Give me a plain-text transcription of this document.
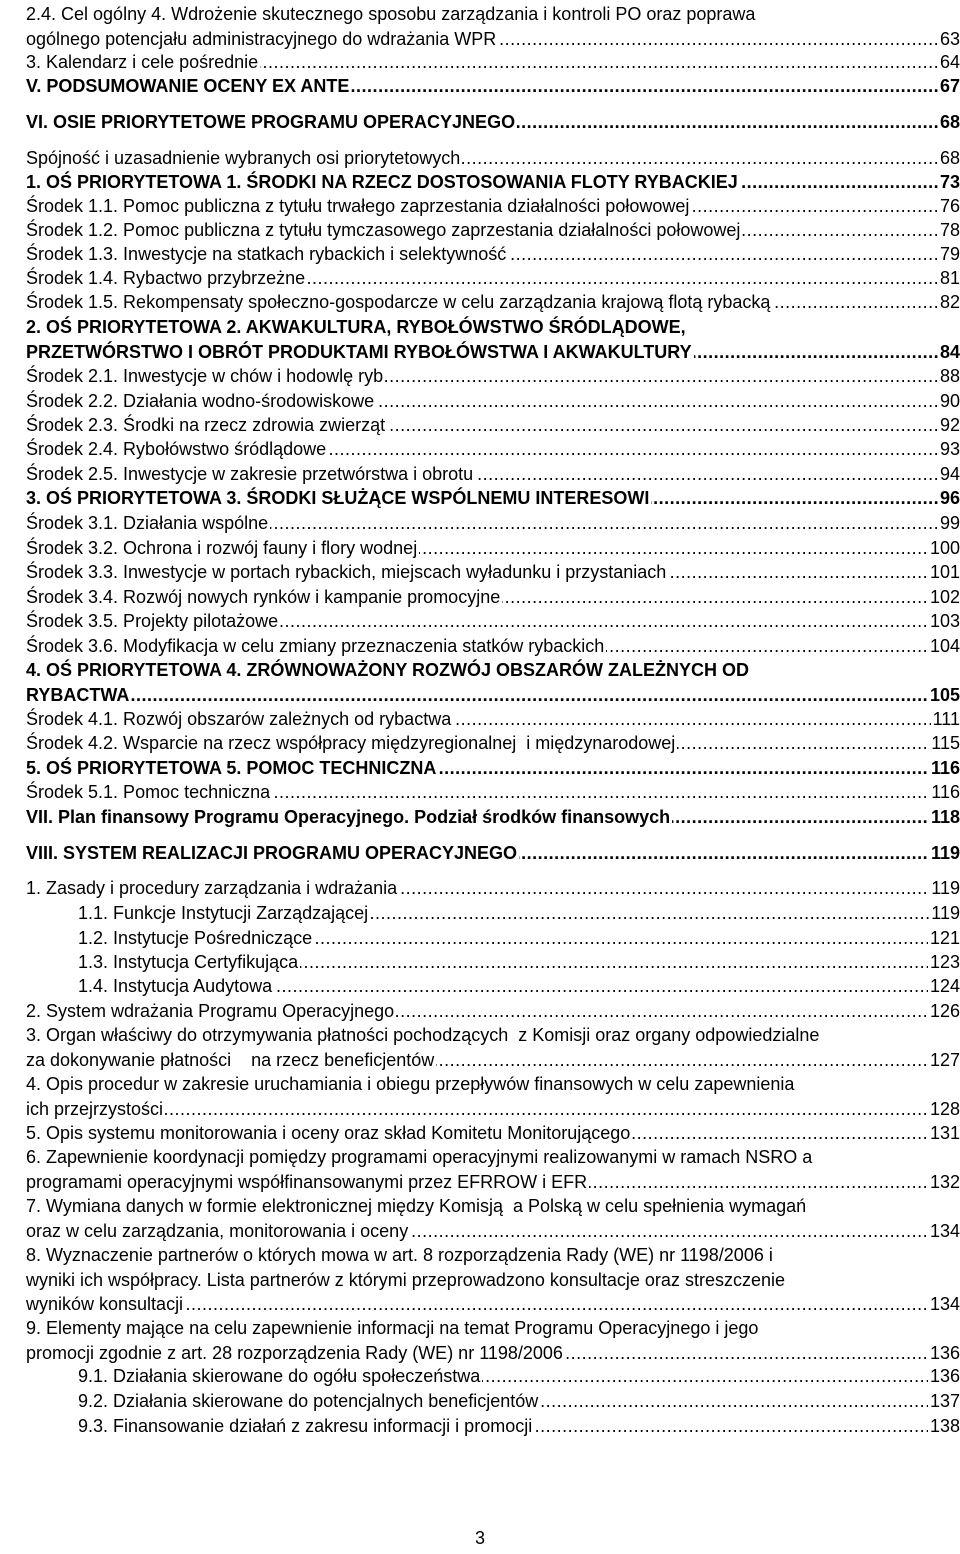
2.4. Cel ogólny 4. Wdrożenie skutecznego sposobu zarządzania i kontroli PO oraz poprawa
..... ogólnego potencjału administracyjnego do wdrażania WPR	63
..... 3. Kalendarz i cele pośrednie	64
..... V. PODSUMOWANIE OCENY EX ANTE	67
..... VI. OSIE PRIORYTETOWE PROGRAMU OPERACYJNEGO	68
..... Spójność i uzasadnienie wybranych osi priorytetowych	68
..... 1. OŚ PRIORYTETOWA 1. ŚRODKI NA RZECZ DOSTOSOWANIA FLOTY RYBACKIEJ	73
..... Środek 1.1. Pomoc publiczna z tytułu trwałego zaprzestania działalności połowowej	76
..... Środek 1.2. Pomoc publiczna z tytułu tymczasowego zaprzestania działalności połowowej	78
..... Środek 1.3. Inwestycje na statkach rybackich i selektywność	79
..... Środek 1.4. Rybactwo przybrzeżne	81
..... Środek 1.5. Rekompensaty społeczno-gospodarcze w celu zarządzania krajową flotą rybacką	82
2. OŚ PRIORYTETOWA 2. AKWAKULTURA, RYBOŁÓWSTWO ŚRÓDLĄDOWE,
..... PRZETWÓRSTWO I OBRÓT PRODUKTAMI RYBOŁÓWSTWA I AKWAKULTURY	84
..... Środek 2.1. Inwestycje w chów i hodowlę ryb	88
..... Środek 2.2. Działania wodno-środowiskowe	90
..... Środek 2.3. Środki na rzecz zdrowia zwierząt	92
..... Środek 2.4. Rybołówstwo śródlądowe	93
..... Środek 2.5. Inwestycje w zakresie przetwórstwa i obrotu	94
..... 3. OŚ PRIORYTETOWA 3. ŚRODKI SŁUŻĄCE WSPÓLNEMU INTERESOWI	96
..... Środek 3.1. Działania wspólne	99
..... Środek 3.2. Ochrona i rozwój fauny i flory wodnej	100
..... Środek 3.3. Inwestycje w portach rybackich, miejscach wyładunku i przystaniach	101
..... Środek 3.4. Rozwój nowych rynków i kampanie promocyjne	102
..... Środek 3.5. Projekty pilotażowe	103
..... Środek 3.6. Modyfikacja w celu zmiany przeznaczenia statków rybackich	104
4. OŚ PRIORYTETOWA 4. ZRÓWNOWAŻONY ROZWÓJ OBSZARÓW ZALEŻNYCH OD
..... RYBACTWA	105
..... Środek 4.1. Rozwój obszarów zależnych od rybactwa	111
..... Środek 4.2. Wsparcie na rzecz współpracy międzyregionalnej  i międzynarodowej	115
..... 5. OŚ PRIORYTETOWA 5. POMOC TECHNICZNA	116
..... Środek 5.1. Pomoc techniczna	116
..... VII. Plan finansowy Programu Operacyjnego. Podział środków finansowych	118
..... VIII. SYSTEM REALIZACJI PROGRAMU OPERACYJNEGO	119
..... 1. Zasady i procedury zarządzania i wdrażania	119
..... 1.1. Funkcje Instytucji Zarządzającej	119
..... 1.2. Instytucje Pośredniczące	121
..... 1.3. Instytucja Certyfikująca	123
..... 1.4. Instytucja Audytowa	124
..... 2. System wdrażania Programu Operacyjnego	126
3. Organ właściwy do otrzymywania płatności pochodzących  z Komisji oraz organy odpowiedzialne
..... za dokonywanie płatności    na rzecz beneficjentów	127
4. Opis procedur w zakresie uruchamiania i obiegu przepływów finansowych w celu zapewnienia
..... ich przejrzystości	128
..... 5. Opis systemu monitorowania i oceny oraz skład Komitetu Monitorującego	131
6. Zapewnienie koordynacji pomiędzy programami operacyjnymi realizowanymi w ramach NSRO a
..... programami operacyjnymi współfinansowanymi przez EFRROW i EFR	132
7. Wymiana danych w formie elektronicznej między Komisją  a Polską w celu spełnienia wymagań
..... oraz w celu zarządzania, monitorowania i oceny	134
8. Wyznaczenie partnerów o których mowa w art. 8 rozporządzenia Rady (WE) nr 1198/2006 i
wyniki ich współpracy. Lista partnerów z którymi przeprowadzono konsultacje oraz streszczenie
..... wyników konsultacji	134
9. Elementy mające na celu zapewnienie informacji na temat Programu Operacyjnego i jego
..... promocji zgodnie z art. 28 rozporządzenia Rady (WE) nr 1198/2006	136
..... 9.1. Działania skierowane do ogółu społeczeństwa	136
..... 9.2. Działania skierowane do potencjalnych beneficjentów	137
..... 9.3. Finansowanie działań z zakresu informacji i promocji	138
3
